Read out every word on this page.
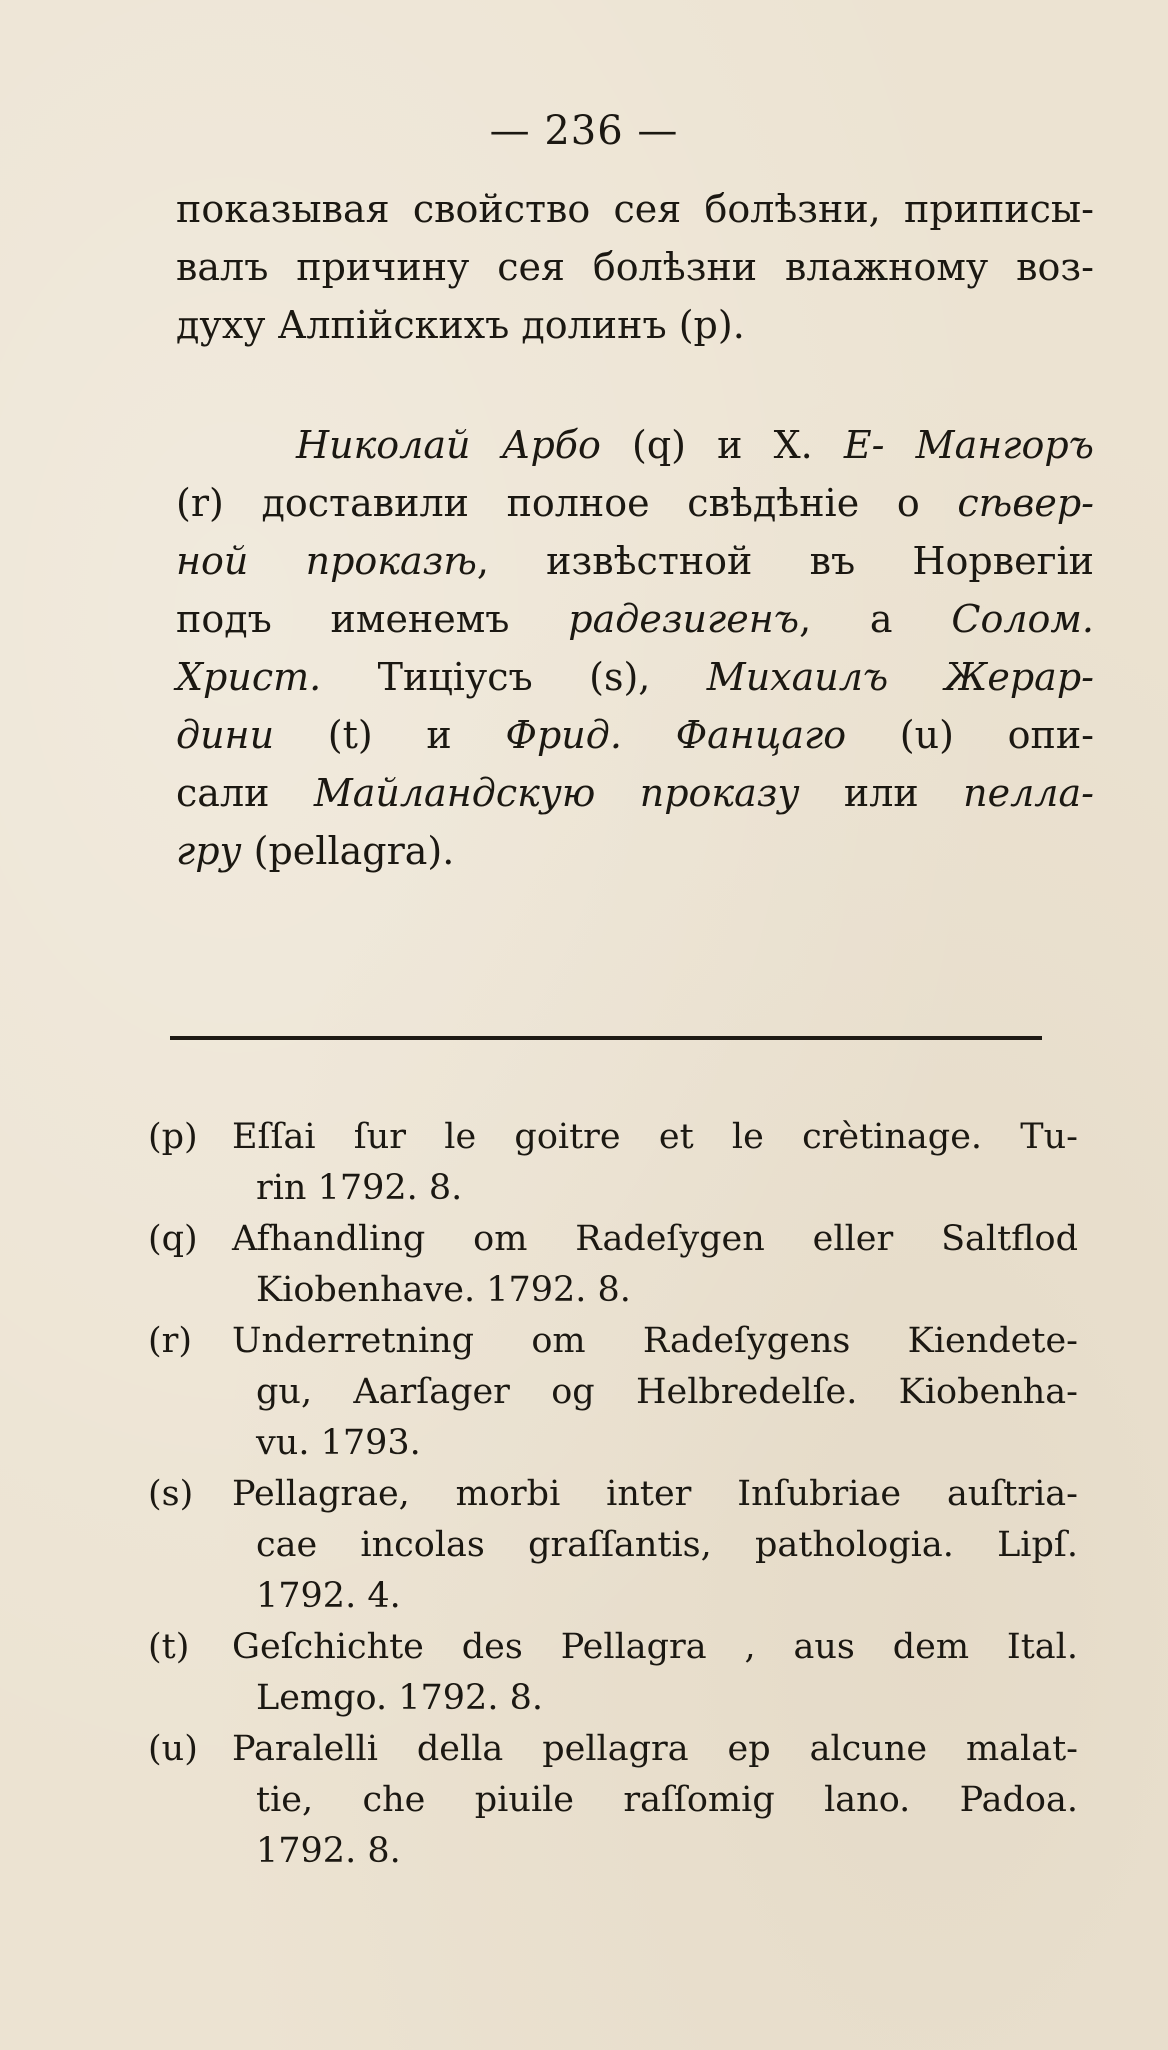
— 236 —
показывая свойство сея болѣзни, приписы-
валъ причину сея болѣзни влажному воз-
духу Алпійскихъ долинъ (p).
Николай Арбо (q) и Х. Е- Мангоръ
(r) доставили полное свѣдѣніе о сѣвер-
ной проказѣ, извѣстной въ Норвегіи
подъ именемъ радезигенъ, а Солом.
Христ. Тицiусъ (s), Михаилъ Жерар-
дини (t) и Фрид. Фанцаго (u) опи-
сали Майландскую проказу или пелла-
гру (pellagra).
(p) Eſſai ſur le goitre et le crètinage. Tu-
rin 1792. 8.
(q) Afhandling om Radeſygen eller Saltflod
Kiobenhave. 1792. 8.
(r) Underretning om Radeſygens Kiendete-
gu, Aarſager og Helbredelſe. Kiobenha-
vu. 1793.
(s) Pellagrae, morbi inter Inſubriae auſtria-
cae incolas graſſantis, pathologia. Lipſ.
1792. 4.
(t) Geſchichte des Pellagra , aus dem Ital.
Lemgo. 1792. 8.
(u) Paralelli della pellagra ep alcune malat-
tie, che piuile raſſomig lano. Padoa.
1792. 8.
